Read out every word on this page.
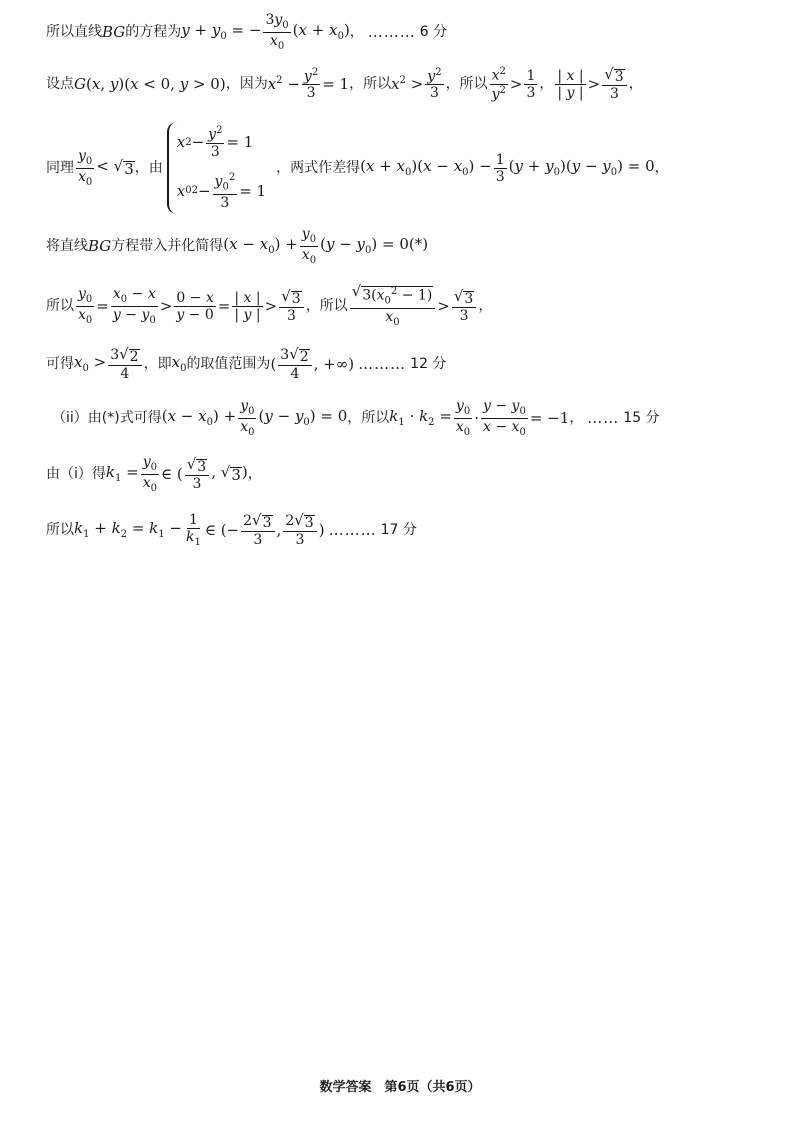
所以直线 BG 的方程为 $y + y_0$ = − $\frac{3y_0}{x_0} (x + x_0)$ ， ……… 6 分
设点 G(x, y)(x < 0, y > 0) ，因为 $x^2 - \frac{y^2}{3} = 1$ ，所以 $x^2 > \frac{y^2}{3}$ ，所以 $\frac{x^2}{y^2} > \frac{1}{3}$ ， $\frac{| x |}{| y |} > \frac{√ 3}{3}$ ，
同理 $\frac{y_0}{x_0}$ < √ 3 ，由
x $2 - \frac{y^2}{3} = 1$
x 0 $2 - \frac{y_0^2}{3} = 1$
，两式作差得 $(x + x_0)(x - x_0) - \frac{1}{3} (y + y_0)(y - y_0) = 0$ ，
将直线 BG 方程带入并化简得 $(x - x_0) + \frac{y_0}{x_0} (y - y_0) = 0(*)$
所以 $\frac{y_0}{x_0} = \frac{x_0 - x}{y - y_0} > \frac{0 - x}{y - 0} = \frac{| x |}{| y |} > \frac{√ 3}{3}$ ，所以 $\frac{√ 3(x_0^2 - 1)}{x_0} > \frac{√ 3}{3}$ ，
可得 $x_0 > \frac{3 √ 2}{4}$ ，即 $x_0$ 的取值范围为 ( $\frac{3 √ 2}{4}$ , +∞) ……… 12 分
（ii）由(*)式可得 $(x - x_0) + \frac{y_0}{x_0} (y - y_0) = 0$ ，所以 $k_1 \cdot k_2 = \frac{y_0}{x_0} \cdot \frac{y - y_0}{x - x_0} = -1$ ， …… 15 分
由（i）得 $k_1 = \frac{y_0}{x_0}$ ∈ ( $\frac{√ 3}{3}$ , √ 3 ) ，
所以 $k_1 + k_2 = k_1 - \frac{1}{k_1}$ ∈ (− $\frac{2 √ 3}{3}$ , $\frac{2 √ 3}{3}$ ) ……… 17 分
数学答案　第6页（共6页）
